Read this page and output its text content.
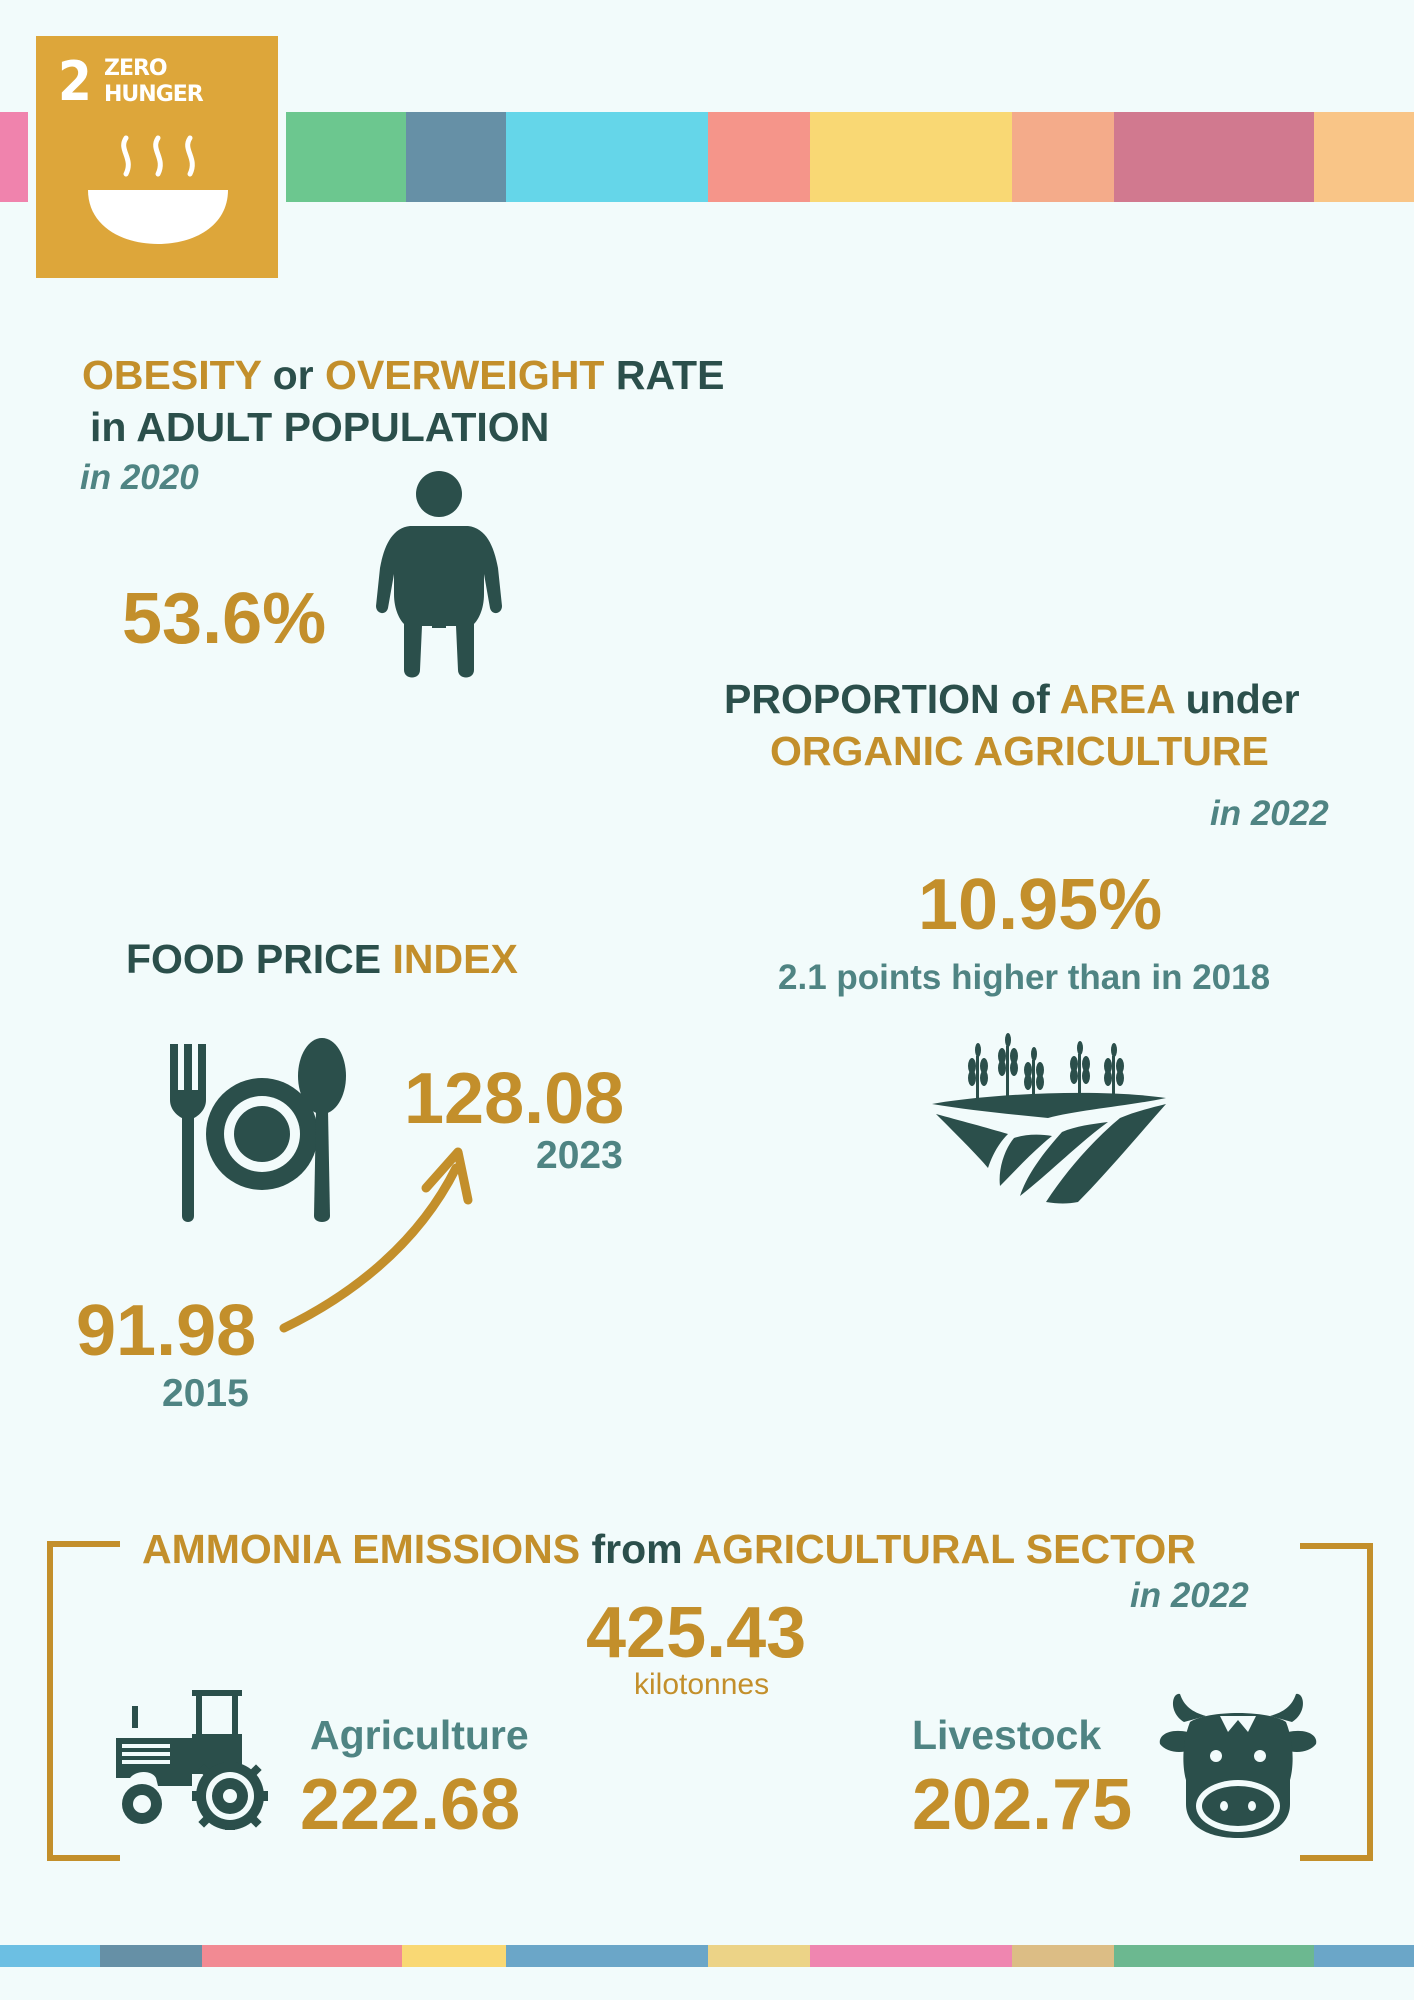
2 ZERO
HUNGER
OBESITY or OVERWEIGHT RATE
in ADULT POPULATION
in 2020
53.6%
PROPORTION of AREA under
ORGANIC AGRICULTURE
in 2022
10.95%
2.1 points higher than in 2018
FOOD PRICE INDEX
128.08
2023
91.98
2015
AMMONIA EMISSIONS from AGRICULTURAL SECTOR
in 2022
425.43
kilotonnes
Agriculture
222.68
Livestock
202.75
